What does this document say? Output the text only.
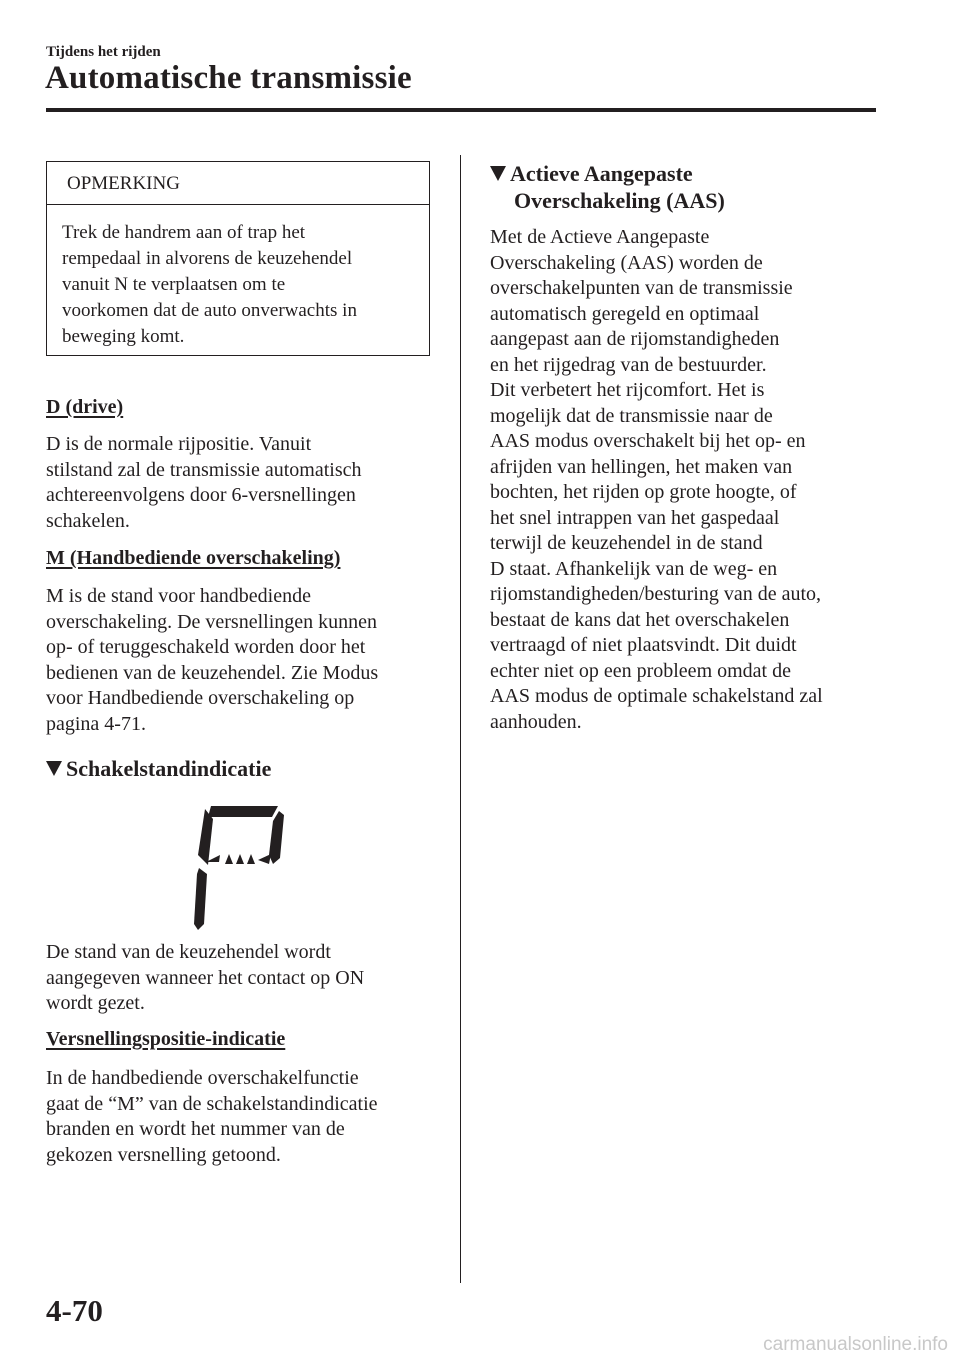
Tijdens het rijden
Automatische transmissie
OPMERKING
Trek de handrem aan of trap het
rempedaal in alvorens de keuzehendel
vanuit N te verplaatsen om te
voorkomen dat de auto onverwachts in
beweging komt.
D (drive)
D is de normale rijpositie. Vanuit
stilstand zal de transmissie automatisch
achtereenvolgens door 6-versnellingen
schakelen.
M (Handbediende overschakeling)
M is de stand voor handbediende
overschakeling. De versnellingen kunnen
op- of teruggeschakeld worden door het
bedienen van de keuzehendel. Zie Modus
voor Handbediende overschakeling op
pagina 4-71.
Schakelstandindicatie
De stand van de keuzehendel wordt
aangegeven wanneer het contact op ON
wordt gezet.
Versnellingspositie-indicatie
In de handbediende overschakelfunctie
gaat de “M” van de schakelstandindicatie
branden en wordt het nummer van de
gekozen versnelling getoond.
Actieve Aangepaste
Overschakeling (AAS)
Met de Actieve Aangepaste
Overschakeling (AAS) worden de
overschakelpunten van de transmissie
automatisch geregeld en optimaal
aangepast aan de rijomstandigheden
en het rijgedrag van de bestuurder.
Dit verbetert het rijcomfort. Het is
mogelijk dat de transmissie naar de
AAS modus overschakelt bij het op- en
afrijden van hellingen, het maken van
bochten, het rijden op grote hoogte, of
het snel intrappen van het gaspedaal
terwijl de keuzehendel in de stand
D staat. Afhankelijk van de weg- en
rijomstandigheden/besturing van de auto,
bestaat de kans dat het overschakelen
vertraagd of niet plaatsvindt. Dit duidt
echter niet op een probleem omdat de
AAS modus de optimale schakelstand zal
aanhouden.
4-70
carmanualsonline.info
